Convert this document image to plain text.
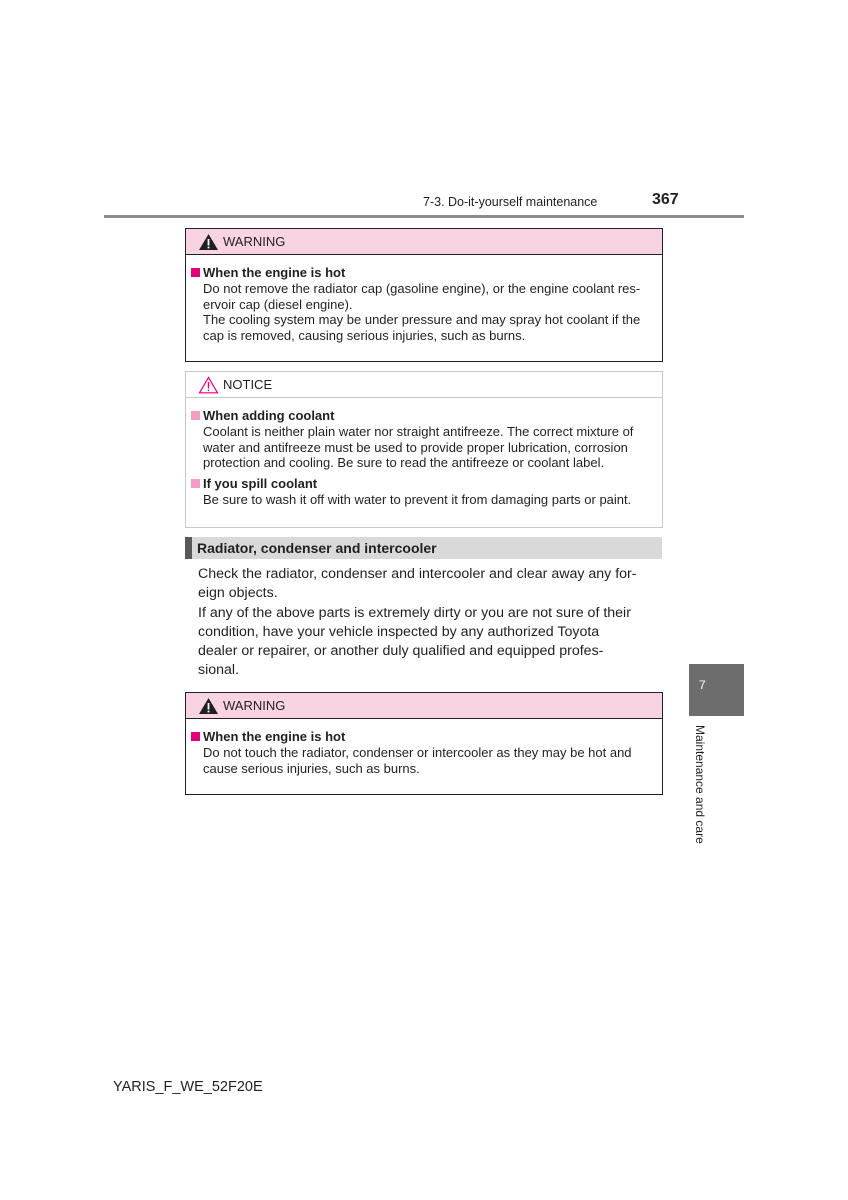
7-3. Do-it-yourself maintenance	367
WARNING
When the engine is hot
Do not remove the radiator cap (gasoline engine), or the engine coolant res-
ervoir cap (diesel engine).
The cooling system may be under pressure and may spray hot coolant if the
cap is removed, causing serious injuries, such as burns.
NOTICE
When adding coolant
Coolant is neither plain water nor straight antifreeze. The correct mixture of
water and antifreeze must be used to provide proper lubrication, corrosion
protection and cooling. Be sure to read the antifreeze or coolant label.
If you spill coolant
Be sure to wash it off with water to prevent it from damaging parts or paint.
Radiator, condenser and intercooler

Check the radiator, condenser and intercooler and clear away any for-

eign objects.

If any of the above parts is extremely dirty or you are not sure of their

condition, have your vehicle inspected by any authorized Toyota

dealer or repairer, or another duly qualified and equipped profes-

sional.

WARNING
When the engine is hot
Do not touch the radiator, condenser or intercooler as they may be hot and
cause serious injuries, such as burns.
7
Maintenance and care
YARIS_F_WE_52F20E
